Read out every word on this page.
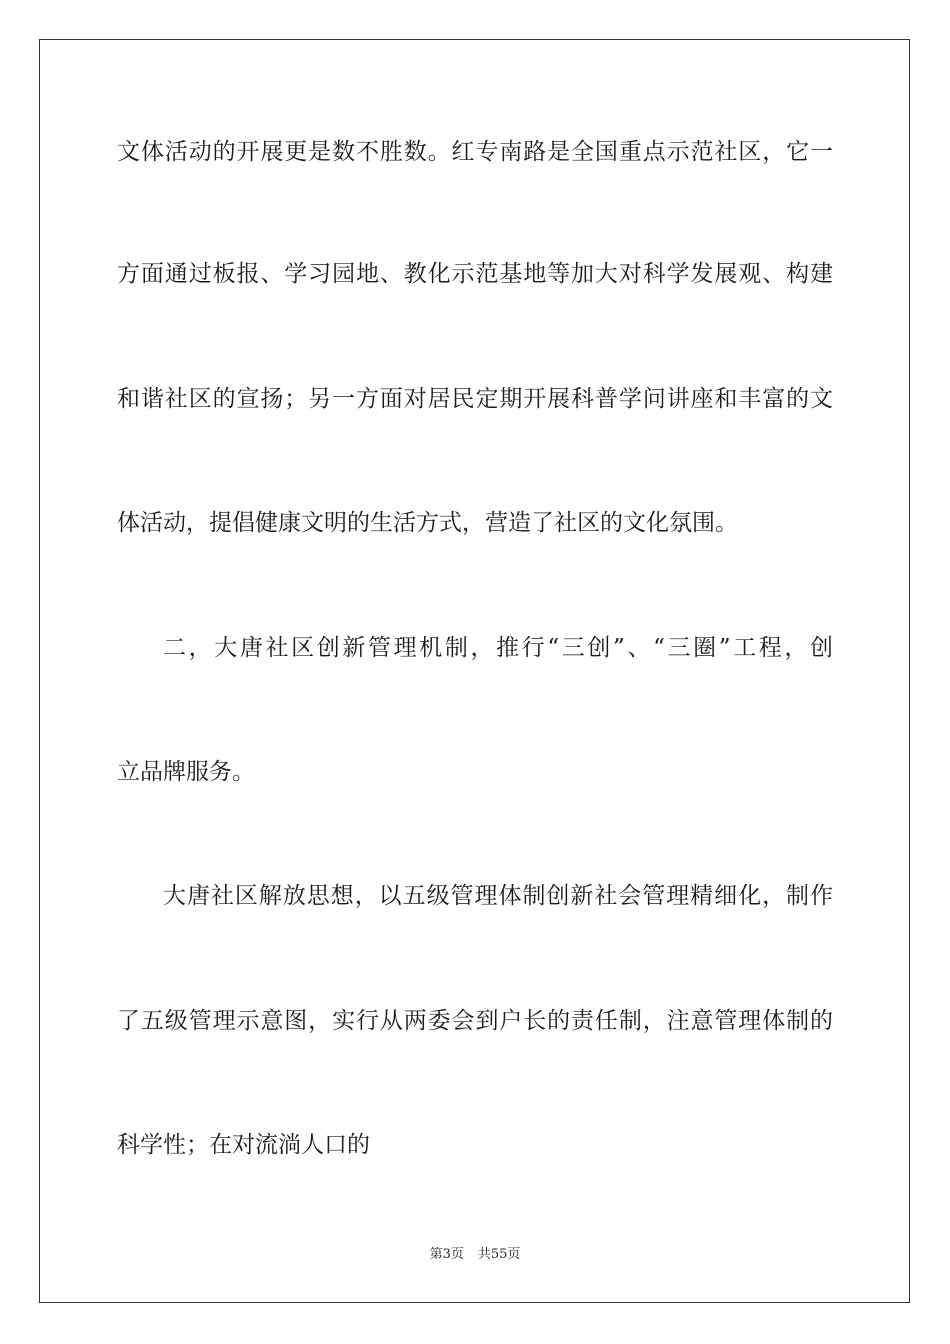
文体活动的开展更是数不胜数。红专南路是全国重点示范社区，它一
方面通过板报、学习园地、教化示范基地等加大对科学发展观、构建
和谐社区的宣扬；另一方面对居民定期开展科普学问讲座和丰富的文
体活动，提倡健康文明的生活方式，营造了社区的文化氛围。
二，大唐社区创新管理机制，推行“三创”、“三圈”工程，创
立品牌服务。
大唐社区解放思想，以五级管理体制创新社会管理精细化，制作
了五级管理示意图，实行从两委会到户长的责任制，注意管理体制的
科学性；在对流淌人口的
第3页 共55页
